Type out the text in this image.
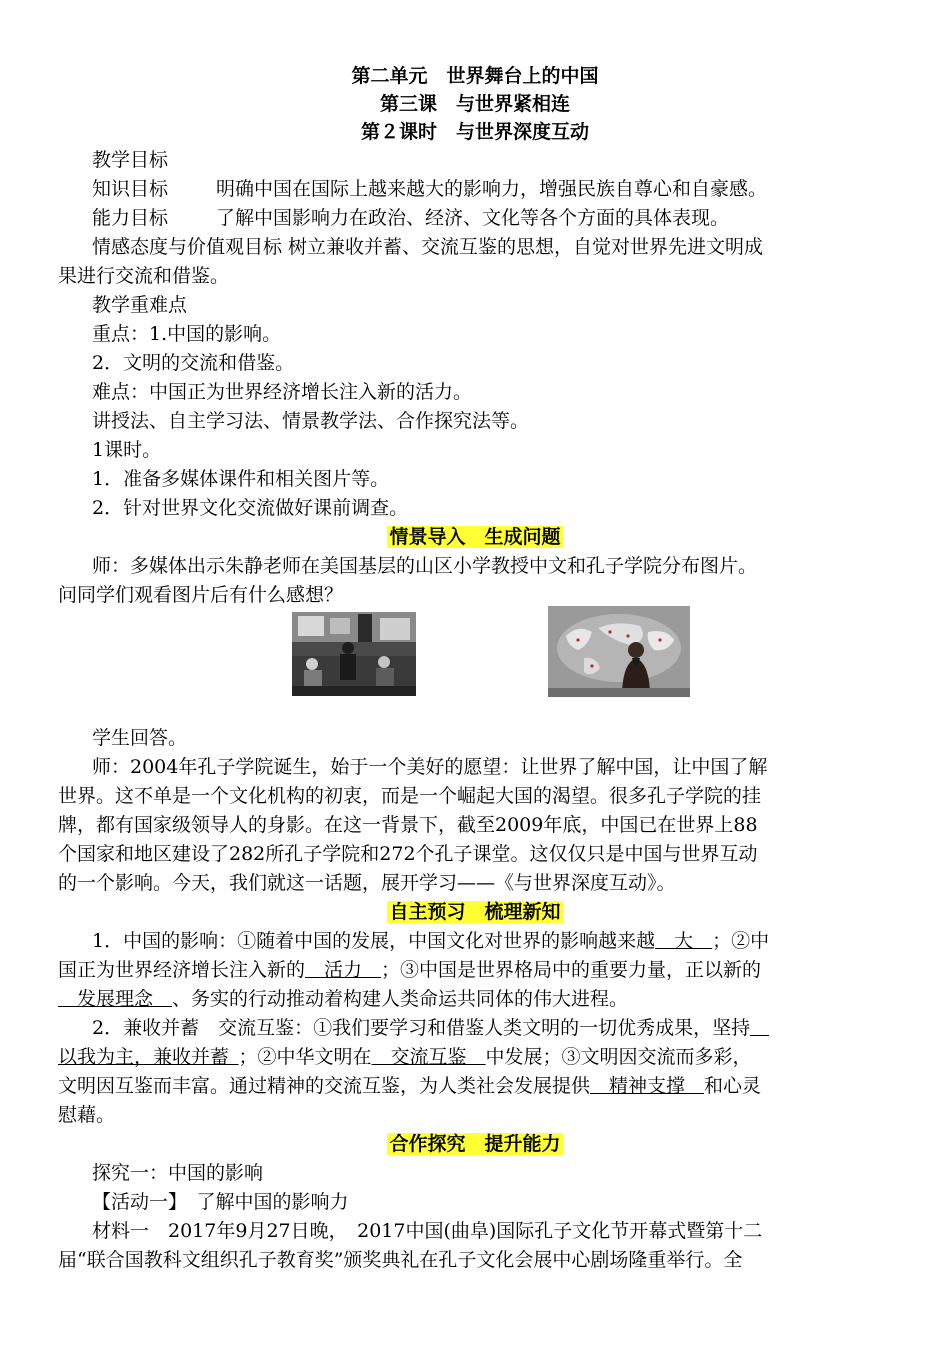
第二单元　世界舞台上的中国
第三课　与世界紧相连
第２课时　与世界深度互动
教学目标
知识目标	明确中国在国际上越来越大的影响力，增强民族自尊心和自豪感。
能力目标	了解中国影响力在政治、经济、文化等各个方面的具体表现。
情感态度与价值观目标 树立兼收并蓄、交流互鉴的思想，自觉对世界先进文明成
果进行交流和借鉴。
教学重难点
重点：1.中国的影响。
2．文明的交流和借鉴。
难点：中国正为世界经济增长注入新的活力。
讲授法、自主学习法、情景教学法、合作探究法等。
1课时。
1．准备多媒体课件和相关图片等。
2．针对世界文化交流做好课前调查。
情景导入　生成问题
师：多媒体出示朱静老师在美国基层的山区小学教授中文和孔子学院分布图片。
问同学们观看图片后有什么感想？
学生回答。
师：2004年孔子学院诞生，始于一个美好的愿望：让世界了解中国，让中国了解
世界。这不单是一个文化机构的初衷，而是一个崛起大国的渴望。很多孔子学院的挂
牌，都有国家级领导人的身影。在这一背景下，截至2009年底，中国已在世界上88
个国家和地区建设了282所孔子学院和272个孔子课堂。这仅仅只是中国与世界互动
的一个影响。今天，我们就这一话题，展开学习——《与世界深度互动》。
自主预习　梳理新知
1．中国的影响：①随着中国的发展，中国文化对世界的影响越来越  大  ；②中
国正为世界经济增长注入新的  活力  ；③中国是世界格局中的重要力量，正以新的
  发展理念  、务实的行动推动着构建人类命运共同体的伟大进程。
2．兼收并蓄　交流互鉴：①我们要学习和借鉴人类文明的一切优秀成果，坚持  
以我为主，兼收并蓄 ；②中华文明在  交流互鉴  中发展；③文明因交流而多彩，
文明因互鉴而丰富。通过精神的交流互鉴，为人类社会发展提供  精神支撑  和心灵
慰藉。
合作探究　提升能力
探究一：中国的影响
【活动一】　了解中国的影响力
材料一　2017年9月27日晚，　2017中国(曲阜)国际孔子文化节开幕式暨第十二
届“联合国教科文组织孔子教育奖”颁奖典礼在孔子文化会展中心剧场隆重举行。全
